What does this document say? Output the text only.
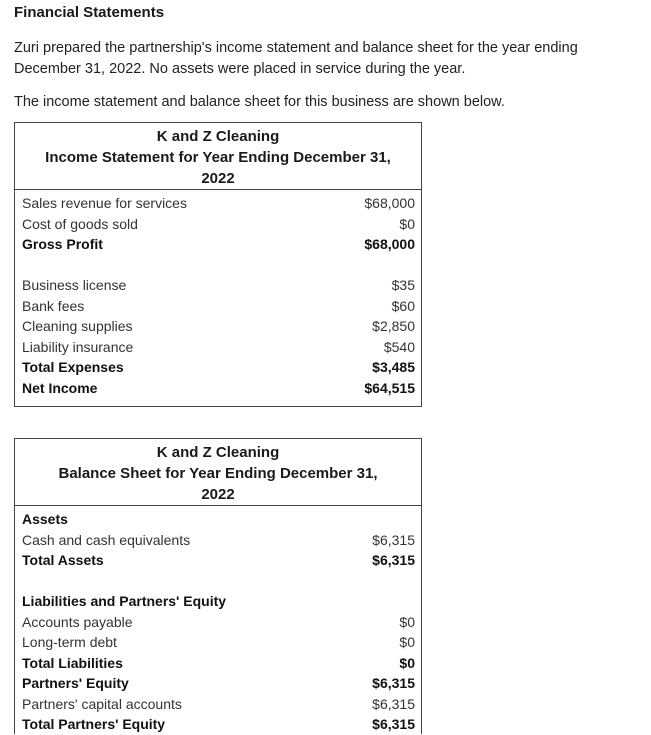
Financial Statements
Zuri prepared the partnership's income statement and balance sheet for the year ending December 31, 2022. No assets were placed in service during the year.
The income statement and balance sheet for this business are shown below.
K and Z Cleaning
Income Statement for Year Ending December 31,
2022
Sales revenue for services	$68,000
Cost of goods sold	$0
Gross Profit	$68,000
Business license	$35
Bank fees	$60
Cleaning supplies	$2,850
Liability insurance	$540
Total Expenses	$3,485
Net Income	$64,515
K and Z Cleaning
Balance Sheet for Year Ending December 31,
2022
Assets
Cash and cash equivalents	$6,315
Total Assets	$6,315
Liabilities and Partners' Equity
Accounts payable	$0
Long-term debt	$0
Total Liabilities	$0
Partners' Equity	$6,315
Partners' capital accounts	$6,315
Total Partners' Equity	$6,315
